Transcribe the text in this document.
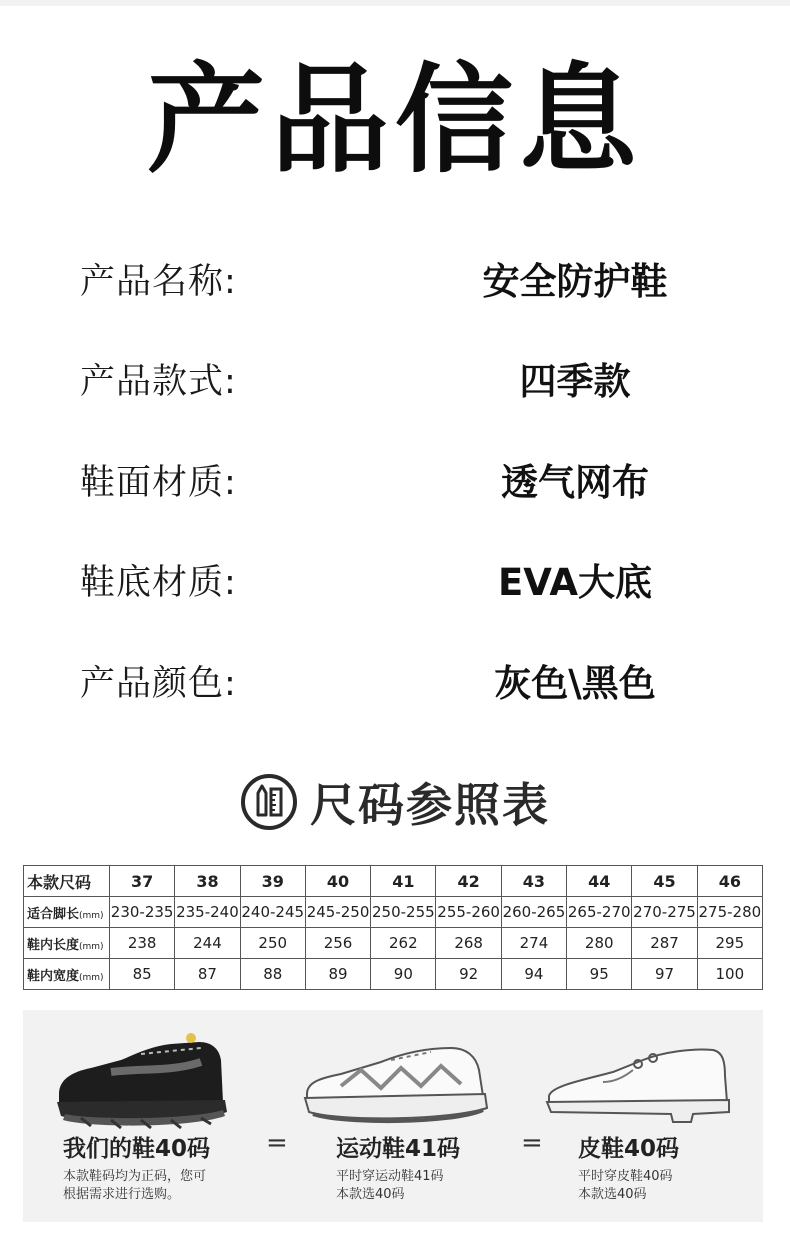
产品信息
产品名称:	安全防护鞋
产品款式:	四季款
鞋面材质:	透气网布
鞋底材质:	EVA大底
产品颜色:	灰色\黑色
尺码参照表
本款尺码	37	38	39	40	41	42	43	44	45	46
适合脚长(mm)	230-235	235-240	240-245	245-250	250-255	255-260	260-265	265-270	270-275	275-280
鞋内长度(mm)	238	244	250	256	262	268	274	280	287	295
鞋内宽度(mm)	85	87	88	89	90	92	94	95	97	100
我们的鞋40码 = 运动鞋41码 = 皮鞋40码
本款鞋码均为正码，您可
根据需求进行选购。
平时穿运动鞋41码
本款选40码
平时穿皮鞋40码
本款选40码
